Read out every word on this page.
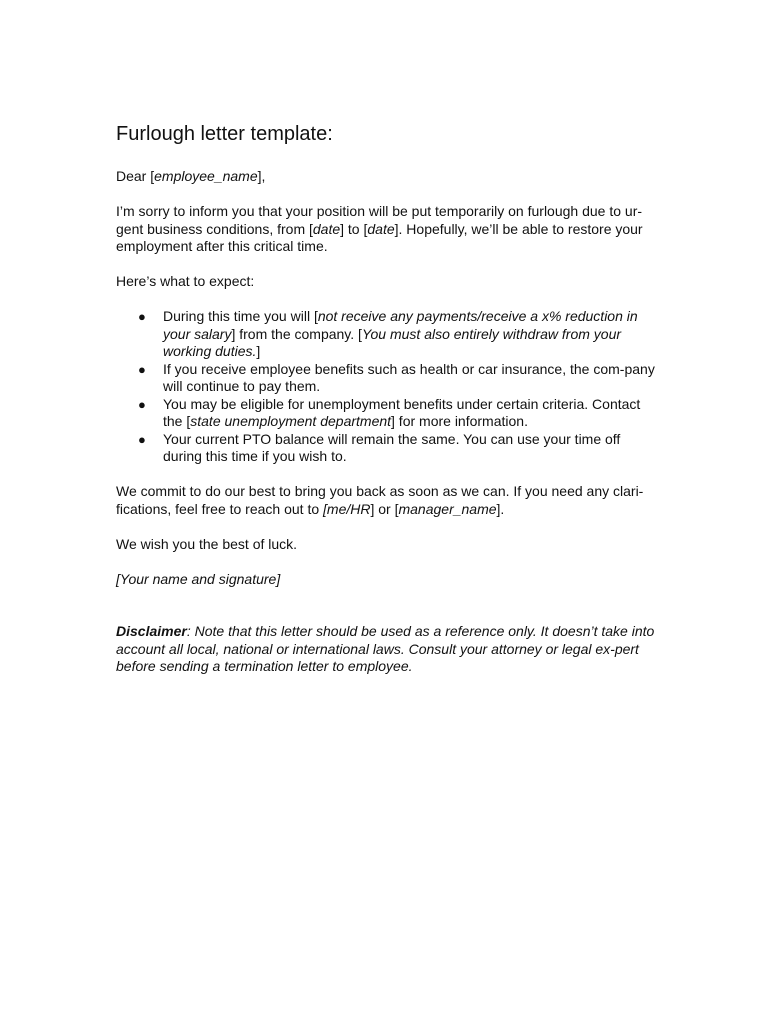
Furlough letter template:

Dear [employee_name],

I’m sorry to inform you that your position will be put temporarily on furlough due to ur-
gent business conditions, from [date] to [date]. Hopefully, we’ll be able to restore your
employment after this critical time.

Here’s what to expect:

● During this time you will [not receive any payments/receive a x% reduction in your salary] from the company. [You must also entirely withdraw from your working duties.]
● If you receive employee benefits such as health or car insurance, the com-pany will continue to pay them.
● You may be eligible for unemployment benefits under certain criteria. Contact the [state unemployment department] for more information.
● Your current PTO balance will remain the same. You can use your time off during this time if you wish to.

We commit to do our best to bring you back as soon as we can. If you need any clari-fications, feel free to reach out to [me/HR] or [manager_name].

We wish you the best of luck.

[Your name and signature]

Disclaimer: Note that this letter should be used as a reference only. It doesn’t take into account all local, national or international laws. Consult your attorney or legal ex-pert before sending a termination letter to employee.
